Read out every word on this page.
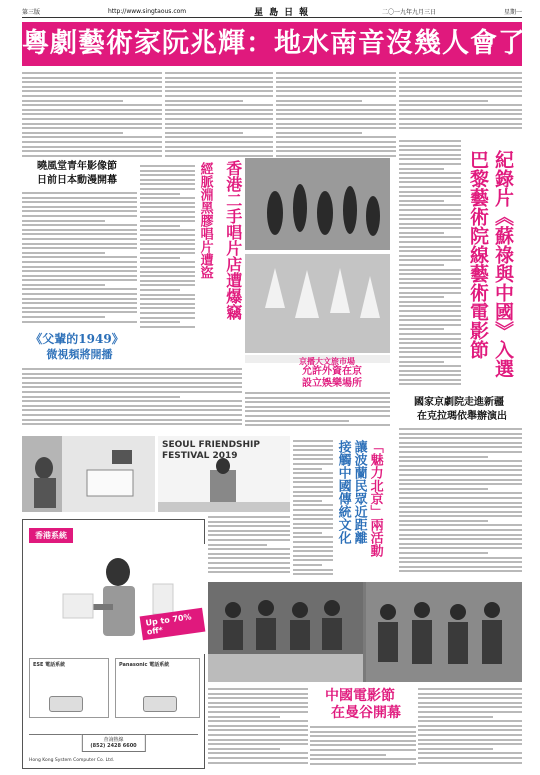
第三版	http://www.singtaous.com	星島日報	二〇一九年九月三日	星期一
粵劇藝術家阮兆輝：地水南音沒幾人會了
曉風堂青年影像節
日前日本動漫開幕	香港二手唱片店遭爆竊
經脈淵黑膠唱片遭盜	紀錄片《蘇祿與中國》入選
巴黎藝術院線藝術電影節
《父輩的1949》
微視頻將開播	京播大文旅市場
允許外資在京
設立娛樂場所
國家京劇院走進新疆
在克拉瑪依舉辦演出
SEOUL FRIENDSHIP FESTIVAL 2019	「魅力北京」兩活動
讓波蘭民眾近距離
接觸中國傳統文化
中國電影節
在曼谷開幕
香港系統
Up to 70% off*
ESE 電話系統	Panasonic 電話系統
查詢熱線
(852) 2428 6600
Hong Kong System Computer Co. Ltd.
